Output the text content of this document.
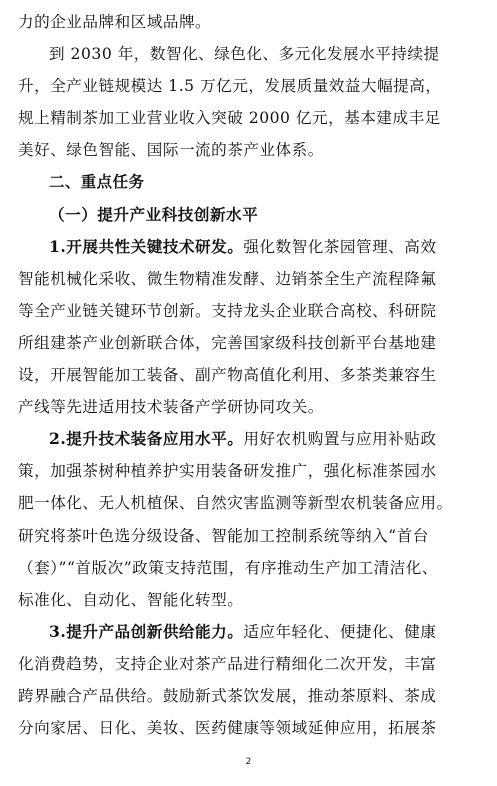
力的企业品牌和区域品牌。
到 2030 年，数智化、绿色化、多元化发展水平持续提
升，全产业链规模达 1.5 万亿元，发展质量效益大幅提高，
规上精制茶加工业营业收入突破 2000 亿元，基本建成丰足
美好、绿色智能、国际一流的茶产业体系。
二、重点任务
（一）提升产业科技创新水平
1.开展共性关键技术研发。强化数智化茶园管理、高效
智能机械化采收、微生物精准发酵、边销茶全生产流程降氟
等全产业链关键环节创新。支持龙头企业联合高校、科研院
所组建茶产业创新联合体，完善国家级科技创新平台基地建
设，开展智能加工装备、副产物高值化利用、多茶类兼容生
产线等先进适用技术装备产学研协同攻关。
2.提升技术装备应用水平。用好农机购置与应用补贴政
策，加强茶树种植养护实用装备研发推广，强化标准茶园水
肥一体化、无人机植保、自然灾害监测等新型农机装备应用。
研究将茶叶色选分级设备、智能加工控制系统等纳入“首台
（套）”“首版次”政策支持范围，有序推动生产加工清洁化、
标准化、自动化、智能化转型。
3.提升产品创新供给能力。适应年轻化、便捷化、健康
化消费趋势，支持企业对茶产品进行精细化二次开发，丰富
跨界融合产品供给。鼓励新式茶饮发展，推动茶原料、茶成
分向家居、日化、美妆、医药健康等领域延伸应用，拓展茶
2
